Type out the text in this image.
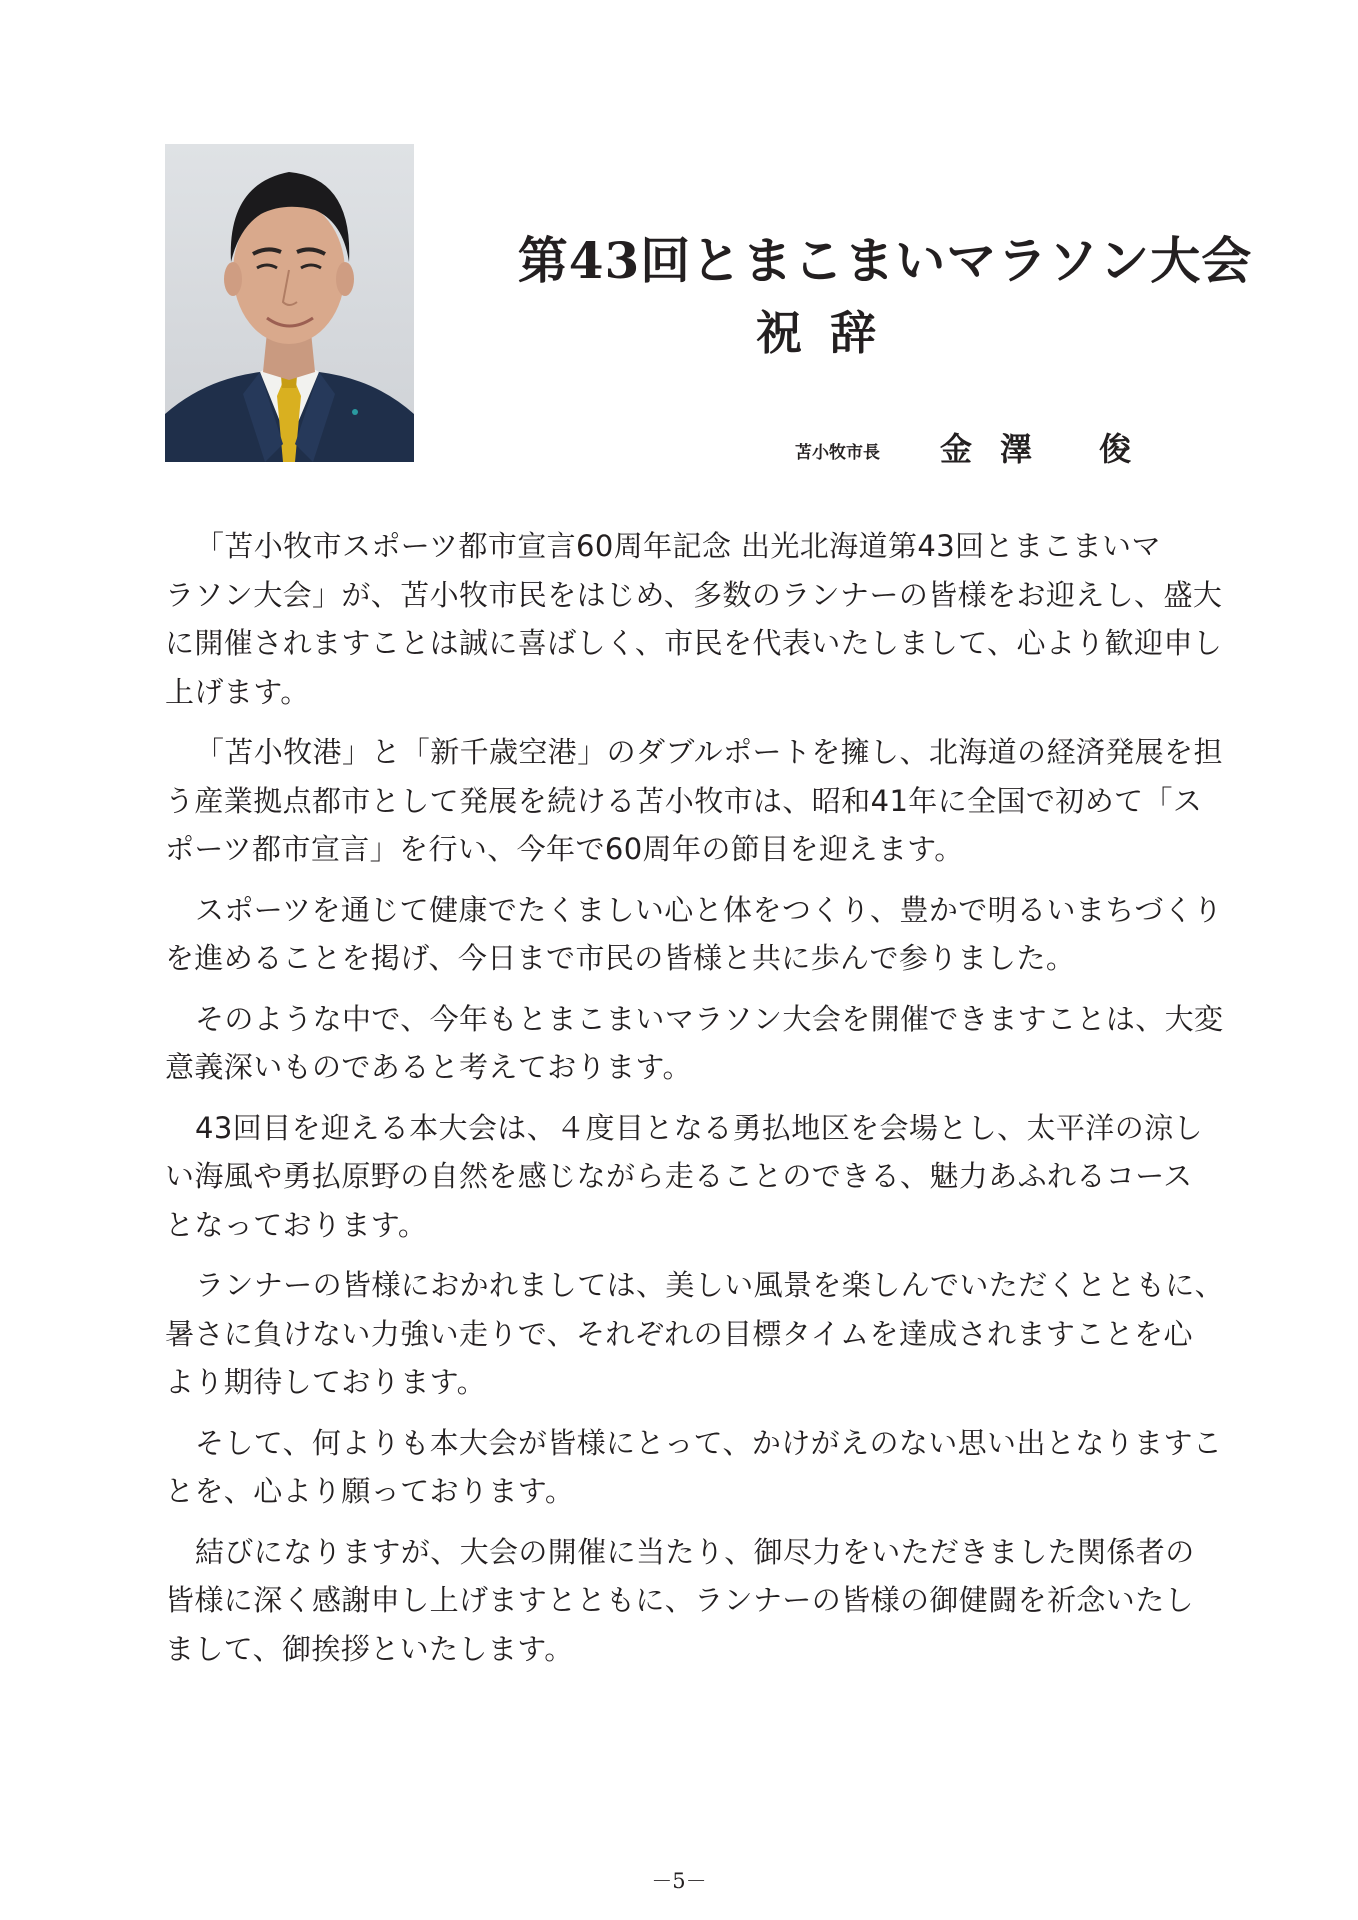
第43回とまこまいマラソン大会
祝辞
苫小牧市長 金澤 俊

「苫小牧市スポーツ都市宣言60周年記念 出光北海道第43回とまこまいマ
ラソン大会」が、苫小牧市民をはじめ、多数のランナーの皆様をお迎えし、盛大
に開催されますことは誠に喜ばしく、市民を代表いたしまして、心より歓迎申し
上げます。

「苫小牧港」と「新千歳空港」のダブルポートを擁し、北海道の経済発展を担
う産業拠点都市として発展を続ける苫小牧市は、昭和41年に全国で初めて「ス
ポーツ都市宣言」を行い、今年で60周年の節目を迎えます。

スポーツを通じて健康でたくましい心と体をつくり、豊かで明るいまちづくり
を進めることを掲げ、今日まで市民の皆様と共に歩んで参りました。

そのような中で、今年もとまこまいマラソン大会を開催できますことは、大変
意義深いものであると考えております。

43回目を迎える本大会は、４度目となる勇払地区を会場とし、太平洋の涼し
い海風や勇払原野の自然を感じながら走ることのできる、魅力あふれるコース
となっております。

ランナーの皆様におかれましては、美しい風景を楽しんでいただくとともに、
暑さに負けない力強い走りで、それぞれの目標タイムを達成されますことを心
より期待しております。

そして、何よりも本大会が皆様にとって、かけがえのない思い出となりますこ
とを、心より願っております。

結びになりますが、大会の開催に当たり、御尽力をいただきました関係者の
皆様に深く感謝申し上げますとともに、ランナーの皆様の御健闘を祈念いたし
まして、御挨拶といたします。

－5－
